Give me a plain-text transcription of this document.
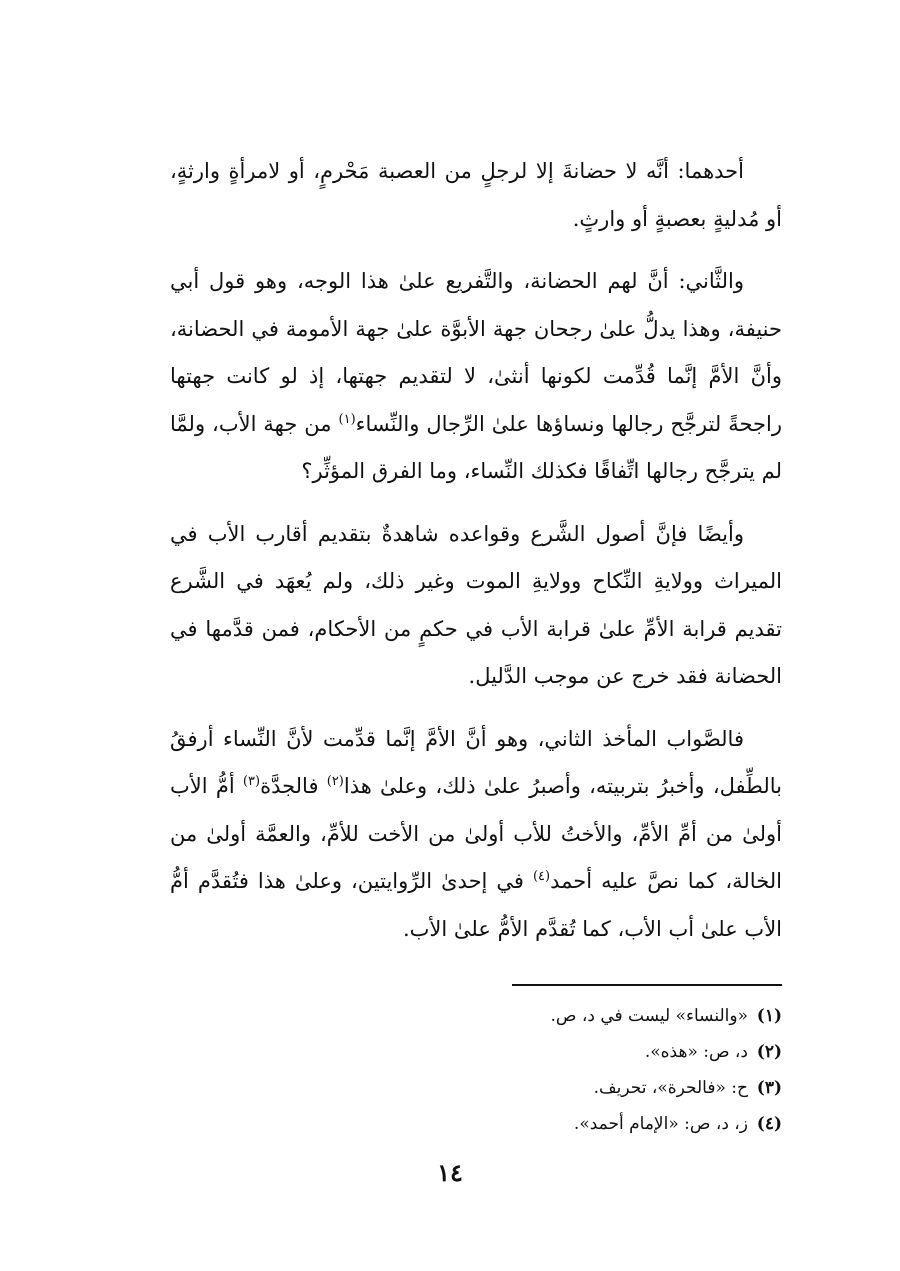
أحدهما: أنَّه لا حضانةَ إلا لرجلٍ من العصبة مَحْرمٍ، أو لامرأةٍ وارثةٍ، أو مُدليةٍ بعصبةٍ أو وارثٍ.

والثَّاني: أنَّ لهم الحضانة، والتَّفريع علىٰ هذا الوجه، وهو قول أبي حنيفة، وهذا يدلُّ علىٰ رجحان جهة الأبوَّة علىٰ جهة الأمومة في الحضانة، وأنَّ الأمَّ إنَّما قُدِّمت لكونها أنثىٰ، لا لتقديم جهتها، إذ لو كانت جهتها راجحةً لترجَّح رجالها ونساؤها علىٰ الرِّجال والنِّساء$^{(١)}$ من جهة الأب، ولمَّا لم يترجَّح رجالها اتِّفاقًا فكذلك النِّساء، وما الفرق المؤثِّر؟

وأيضًا فإنَّ أصول الشَّرع وقواعده شاهدةٌ بتقديم أقارب الأب في الميراث وولايةِ النِّكاح وولايةِ الموت وغير ذلك، ولم يُعهَد في الشَّرع تقديم قرابة الأمِّ علىٰ قرابة الأب في حكمٍ من الأحكام، فمن قدَّمها في الحضانة فقد خرج عن موجب الدَّليل.

فالصَّواب المأخذ الثاني، وهو أنَّ الأمَّ إنَّما قدِّمت لأنَّ النِّساء أرفقُ بالطِّفل، وأخبرُ بتربيته، وأصبرُ علىٰ ذلك، وعلىٰ هذا$^{(٢)}$ فالجدَّة$^{(٣)}$ أمُّ الأب أولىٰ من أمِّ الأمِّ، والأختُ للأب أولىٰ من الأخت للأمِّ، والعمَّة أولىٰ من الخالة، كما نصَّ عليه أحمد$^{(٤)}$ في إحدىٰ الرِّوايتين، وعلىٰ هذا فتُقدَّم أمُّ الأب علىٰ أب الأب، كما تُقدَّم الأمُّ علىٰ الأب.

(١)«والنساء» ليست في د، ص.
(٢)د، ص: «هذه».
(٣)ح: «فالحرة»، تحريف.
(٤)ز، د، ص: «الإمام أحمد».
١٤
